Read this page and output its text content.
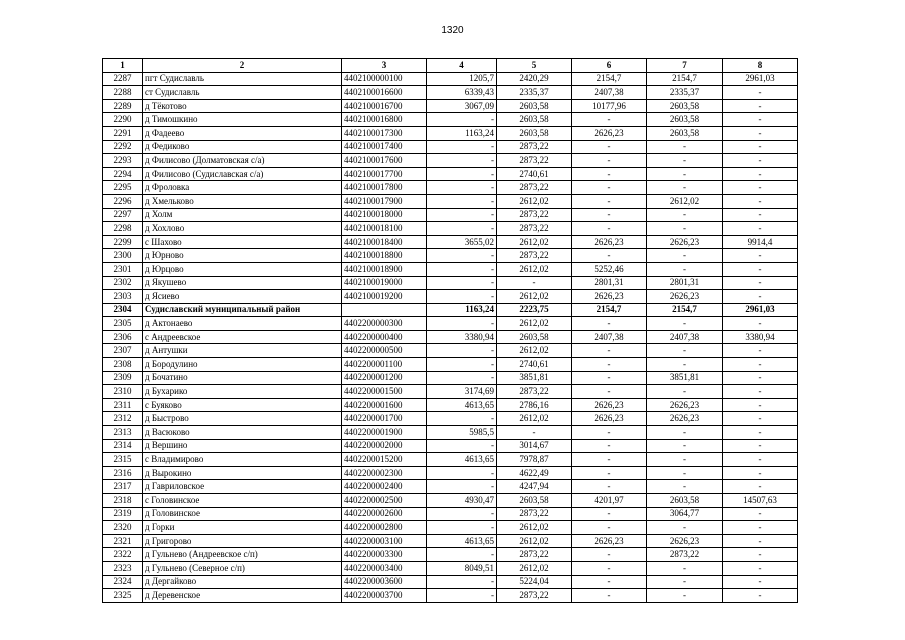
1320
1	2	3	4	5	6	7	8
2287	пгт Судиславль	4402100000100	1205,7	2420,29	2154,7	2154,7	2961,03
2288	ст Судиславль	4402100016600	6339,43	2335,37	2407,38	2335,37	-
2289	д Тёкотово	4402100016700	3067,09	2603,58	10177,96	2603,58	-
2290	д Тимошкино	4402100016800	-	2603,58	-	2603,58	-
2291	д Фадеево	4402100017300	1163,24	2603,58	2626,23	2603,58	-
2292	д Федиково	4402100017400	-	2873,22	-	-	-
2293	д Филисово (Долматовская с/а)	4402100017600	-	2873,22	-	-	-
2294	д Филисово (Судиславская с/а)	4402100017700	-	2740,61	-	-	-
2295	д Фроловка	4402100017800	-	2873,22	-	-	-
2296	д Хмельково	4402100017900	-	2612,02	-	2612,02	-
2297	д Холм	4402100018000	-	2873,22	-	-	-
2298	д Хохлово	4402100018100	-	2873,22	-	-	-
2299	с Шахово	4402100018400	3655,02	2612,02	2626,23	2626,23	9914,4
2300	д Юрново	4402100018800	-	2873,22	-	-	-
2301	д Юрцово	4402100018900	-	2612,02	5252,46	-	-
2302	д Якушево	4402100019000	-	-	2801,31	2801,31	-
2303	д Ясиево	4402100019200	-	2612,02	2626,23	2626,23	-
2304	Судиславский муниципальный район		1163,24	2223,75	2154,7	2154,7	2961,03
2305	д Актонаево	4402200000300	-	2612,02	-	-	-
2306	с Андреевское	4402200000400	3380,94	2603,58	2407,38	2407,38	3380,94
2307	д Антушки	4402200000500	-	2612,02	-	-	-
2308	д Бородулино	4402200001100	-	2740,61	-	-	-
2309	д Бочатино	4402200001200	-	3851,81	-	3851,81	-
2310	д Бухарико	4402200001500	3174,69	2873,22	-	-	-
2311	с Буяково	4402200001600	4613,65	2786,16	2626,23	2626,23	-
2312	д Быстрово	4402200001700	-	2612,02	2626,23	2626,23	-
2313	д Васюково	4402200001900	5985,5	-	-	-	-
2314	д Вершино	4402200002000	-	3014,67	-	-	-
2315	с Владимирово	4402200015200	4613,65	7978,87	-	-	-
2316	д Вырокино	4402200002300	-	4622,49	-	-	-
2317	д Гавриловское	4402200002400	-	4247,94	-	-	-
2318	с Головинское	4402200002500	4930,47	2603,58	4201,97	2603,58	14507,63
2319	д Головинское	4402200002600	-	2873,22	-	3064,77	-
2320	д Горки	4402200002800	-	2612,02	-	-	-
2321	д Григорово	4402200003100	4613,65	2612,02	2626,23	2626,23	-
2322	д Гульнево (Андреевское с/п)	4402200003300	-	2873,22	-	2873,22	-
2323	д Гульнево (Северное с/п)	4402200003400	8049,51	2612,02	-	-	-
2324	д Дергайково	4402200003600	-	5224,04	-	-	-
2325	д Деревенское	4402200003700	-	2873,22	-	-	-
